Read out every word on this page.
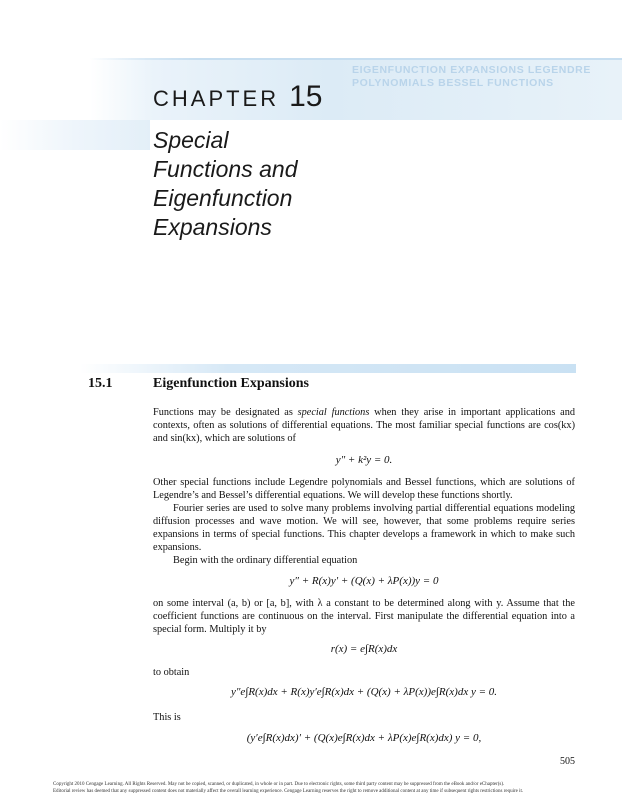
EIGENFUNCTION EXPANSIONS LEGENDRE
POLYNOMIALS BESSEL FUNCTIONS
CHAPTER 15
Special
Functions and
Eigenfunction
Expansions
15.1	Eigenfunction Expansions
Functions may be designated as special functions when they arise in important applications and contexts, often as solutions of differential equations. The most familiar special functions are cos(kx) and sin(kx), which are solutions of
y″ + k²y = 0.
Other special functions include Legendre polynomials and Bessel functions, which are solutions of Legendre’s and Bessel’s differential equations. We will develop these functions shortly.
Fourier series are used to solve many problems involving partial differential equations modeling diffusion processes and wave motion. We will see, however, that some problems require series expansions in terms of special functions. This chapter develops a framework in which to make such expansions.
Begin with the ordinary differential equation
y″ + R(x)y′ + (Q(x) + λP(x))y = 0
on some interval (a, b) or [a, b], with λ a constant to be determined along with y. Assume that the coefficient functions are continuous on the interval. First manipulate the differential equation into a special form. Multiply it by
r(x) = e∫R(x)dx
to obtain
y″e∫R(x)dx + R(x)y′e∫R(x)dx + (Q(x) + λP(x))e∫R(x)dx y = 0.
This is
(y′e∫R(x)dx)′ + (Q(x)e∫R(x)dx + λP(x)e∫R(x)dx) y = 0,
505
Copyright 2010 Cengage Learning. All Rights Reserved. May not be copied, scanned, or duplicated, in whole or in part. Due to electronic rights, some third party content may be suppressed from the eBook and/or eChapter(s).
Editorial review has deemed that any suppressed content does not materially affect the overall learning experience. Cengage Learning reserves the right to remove additional content at any time if subsequent rights restrictions require it.
